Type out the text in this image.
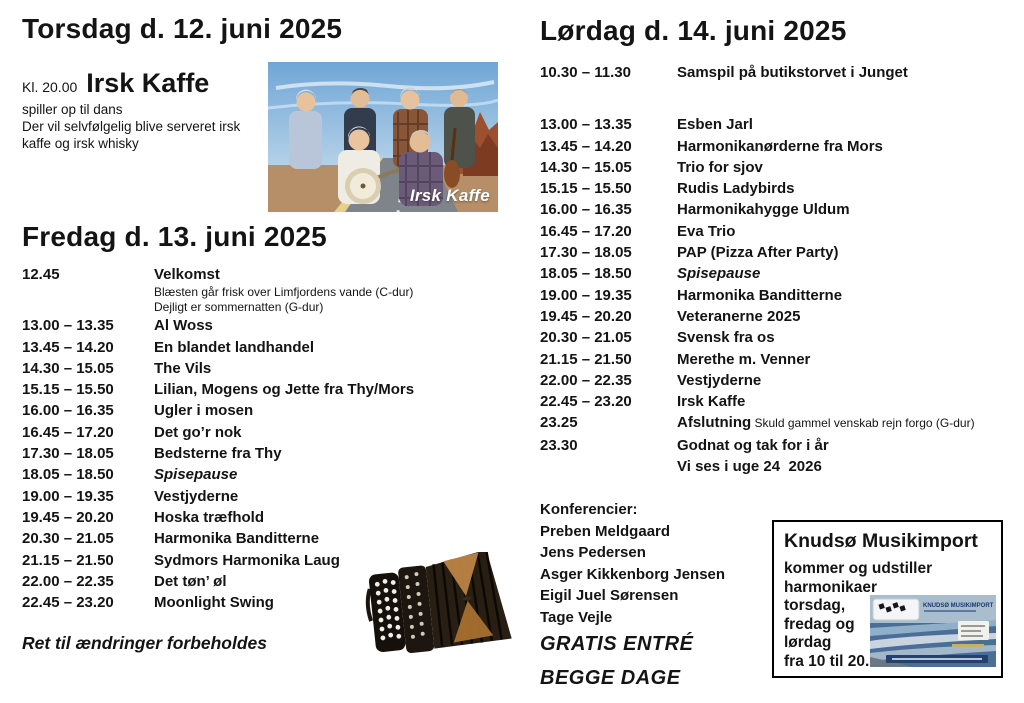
Torsdag d. 12. juni 2025
Kl. 20.00 Irsk Kaffe
spiller op til dans
Der vil selvfølgelig blive serveret irsk
kaffe og irsk whisky
Irsk Kaffe
Fredag d. 13. juni 2025
12.45	Velkomst
Blæsten går frisk over Limfjordens vande (C-dur)
Dejligt er sommernatten (G-dur)
13.00 – 13.35	Al Woss
13.45 – 14.20	En blandet landhandel
14.30 – 15.05	The Vils
15.15 – 15.50	Lilian, Mogens og Jette fra Thy/Mors
16.00 – 16.35	Ugler i mosen
16.45 – 17.20	Det go’r nok
17.30 – 18.05	Bedsterne fra Thy
18.05 – 18.50	Spisepause
19.00 – 19.35	Vestjyderne
19.45 – 20.20	Hoska træfhold
20.30 – 21.05	Harmonika Banditterne
21.15 – 21.50	Sydmors Harmonika Laug
22.00 – 22.35	Det tøn’ øl
22.45 – 23.20	Moonlight Swing
Ret til ændringer forbeholdes
Lørdag d. 14. juni 2025
10.30 – 11.30	Samspil på butikstorvet i Junget
13.00 – 13.35	Esben Jarl
13.45 – 14.20	Harmonikanørderne fra Mors
14.30 – 15.05	Trio for sjov
15.15 – 15.50	Rudis Ladybirds
16.00 – 16.35	Harmonikahygge Uldum
16.45 – 17.20	Eva Trio
17.30 – 18.05	PAP (Pizza After Party)
18.05 – 18.50	Spisepause
19.00 – 19.35	Harmonika Banditterne
19.45 – 20.20	Veteranerne 2025
20.30 – 21.05	Svensk fra os
21.15 – 21.50	Merethe m. Venner
22.00 – 22.35	Vestjyderne
22.45 – 23.20	Irsk Kaffe
23.25	Afslutning Skuld gammel venskab rejn forgo (G-dur)
23.30	Godnat og tak for i år
Vi ses i uge 24  2026
Konferencier:
Preben Meldgaard
Jens Pedersen
Asger Kikkenborg Jensen
Eigil Juel Sørensen
Tage Vejle
GRATIS ENTRÉ
BEGGE DAGE
Knudsø Musikimport
kommer og udstiller
harmonikaer
torsdag,
fredag og
lørdag
fra 10 til 20.
KNUDSØ MUSIKIMPORT
